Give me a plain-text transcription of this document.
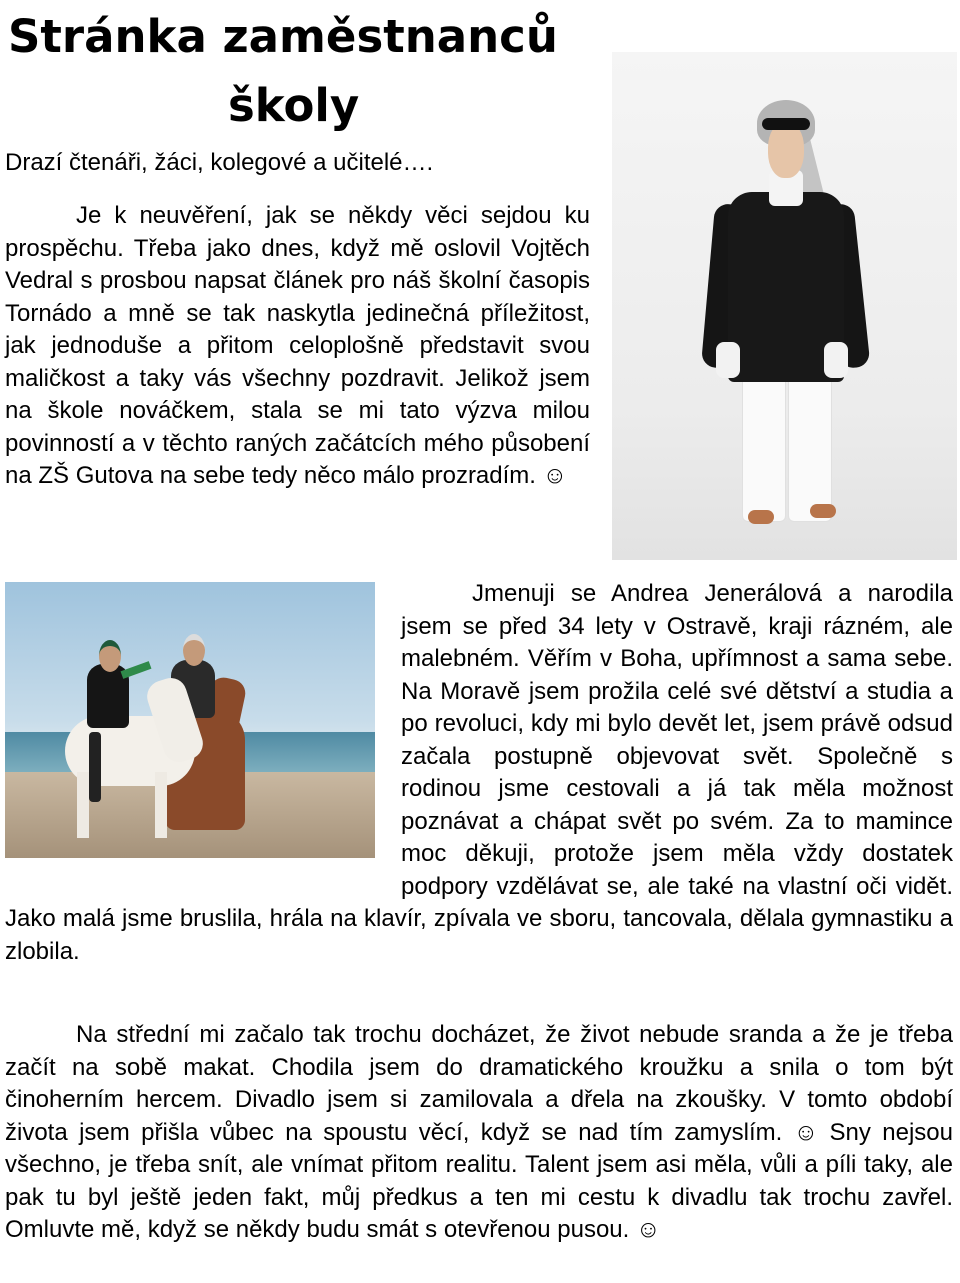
Stránka zaměstnanců
školy

Drazí čtenáři, žáci, kolegové a učitelé….

Je k neuvěření, jak se někdy věci sejdou ku prospěchu. Třeba jako dnes, když mě oslovil Vojtěch Vedral s prosbou napsat článek pro náš školní časopis Tornádo a mně se tak naskytla jedinečná příležitost, jak jednoduše a přitom celoplošně představit svou maličkost a taky vás všechny pozdravit. Jelikož jsem na škole nováčkem, stala se mi tato výzva milou povinností a v těchto raných začátcích mého působení na ZŠ Gutova na sebe tedy něco málo prozradím. ☺

Jmenuji se Andrea Jenerálová a narodila jsem se před 34 lety v Ostravě, kraji rázném, ale malebném. Věřím v Boha, upřímnost a sama sebe. Na Moravě jsem prožila celé své dětství a studia a po revoluci, kdy mi bylo devět let, jsem právě odsud začala postupně objevovat svět. Společně s rodinou jsme cestovali a já tak měla možnost poznávat a chápat svět po svém. Za to mamince moc děkuji, protože jsem měla vždy dostatek podpory vzdělávat se, ale také na vlastní oči vidět. Jako malá jsme bruslila, hrála na klavír, zpívala ve sboru, tancovala, dělala gymnastiku a zlobila.

Na střední mi začalo tak trochu docházet, že život nebude sranda a že je třeba začít na sobě makat. Chodila jsem do dramatického kroužku a snila o tom být činoherním hercem. Divadlo jsem si zamilovala a dřela na zkoušky. V tomto období života jsem přišla vůbec na spoustu věcí, když se nad tím zamyslím. ☺ Sny nejsou všechno, je třeba snít, ale vnímat přitom realitu. Talent jsem asi měla, vůli a píli taky, ale pak tu byl ještě jeden fakt, můj předkus a ten mi cestu k divadlu tak trochu zavřel. Omluvte mě, když se někdy budu smát s otevřenou pusou. ☺
